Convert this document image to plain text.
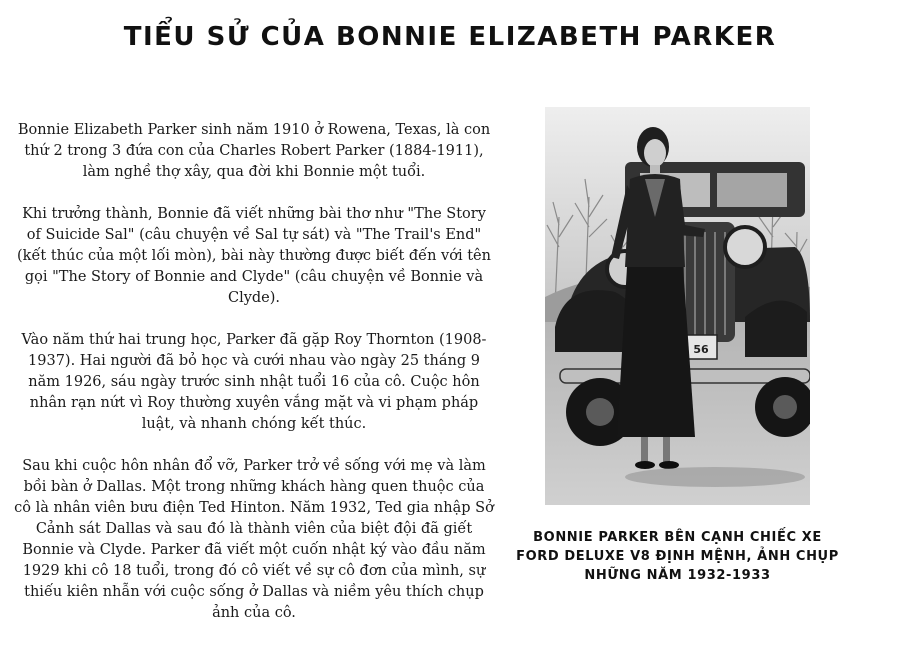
TIỂU SỬ CỦA BONNIE ELIZABETH PARKER

Bonnie Elizabeth Parker sinh năm 1910 ở Rowena, Texas, là con thứ 2 trong 3 đứa con của Charles Robert Parker (1884-1911), làm nghề thợ xây, qua đời khi Bonnie một tuổi.

Khi trưởng thành, Bonnie đã viết những bài thơ như "The Story of Suicide Sal" (câu chuyện về Sal tự sát) và "The Trail's End" (kết thúc của một lối mòn), bài này thường được biết đến với tên gọi "The Story of Bonnie and Clyde" (câu chuyện về Bonnie và Clyde).

Vào năm thứ hai trung học, Parker đã gặp Roy Thornton (1908-1937). Hai người đã bỏ học và cưới nhau vào ngày 25 tháng 9 năm 1926, sáu ngày trước sinh nhật tuổi 16 của cô. Cuộc hôn nhân rạn nứt vì Roy thường xuyên vắng mặt và vi phạm pháp luật, và nhanh chóng kết thúc.

Sau khi cuộc hôn nhân đổ vỡ, Parker trở về sống với mẹ và làm bồi bàn ở Dallas. Một trong những khách hàng quen thuộc của cô là nhân viên bưu điện Ted Hinton. Năm 1932, Ted gia nhập Sở Cảnh sát Dallas và sau đó là thành viên của biệt đội đã giết Bonnie và Clyde. Parker đã viết một cuốn nhật ký vào đầu năm 1929 khi cô 18 tuổi, trong đó cô viết về sự cô đơn của mình, sự thiếu kiên nhẫn với cuộc sống ở Dallas và niềm yêu thích chụp ảnh của cô.

56

BONNIE PARKER BÊN CẠNH CHIẾC XE FORD DELUXE V8 ĐỊNH MỆNH, ẢNH CHỤP NHỮNG NĂM 1932-1933
